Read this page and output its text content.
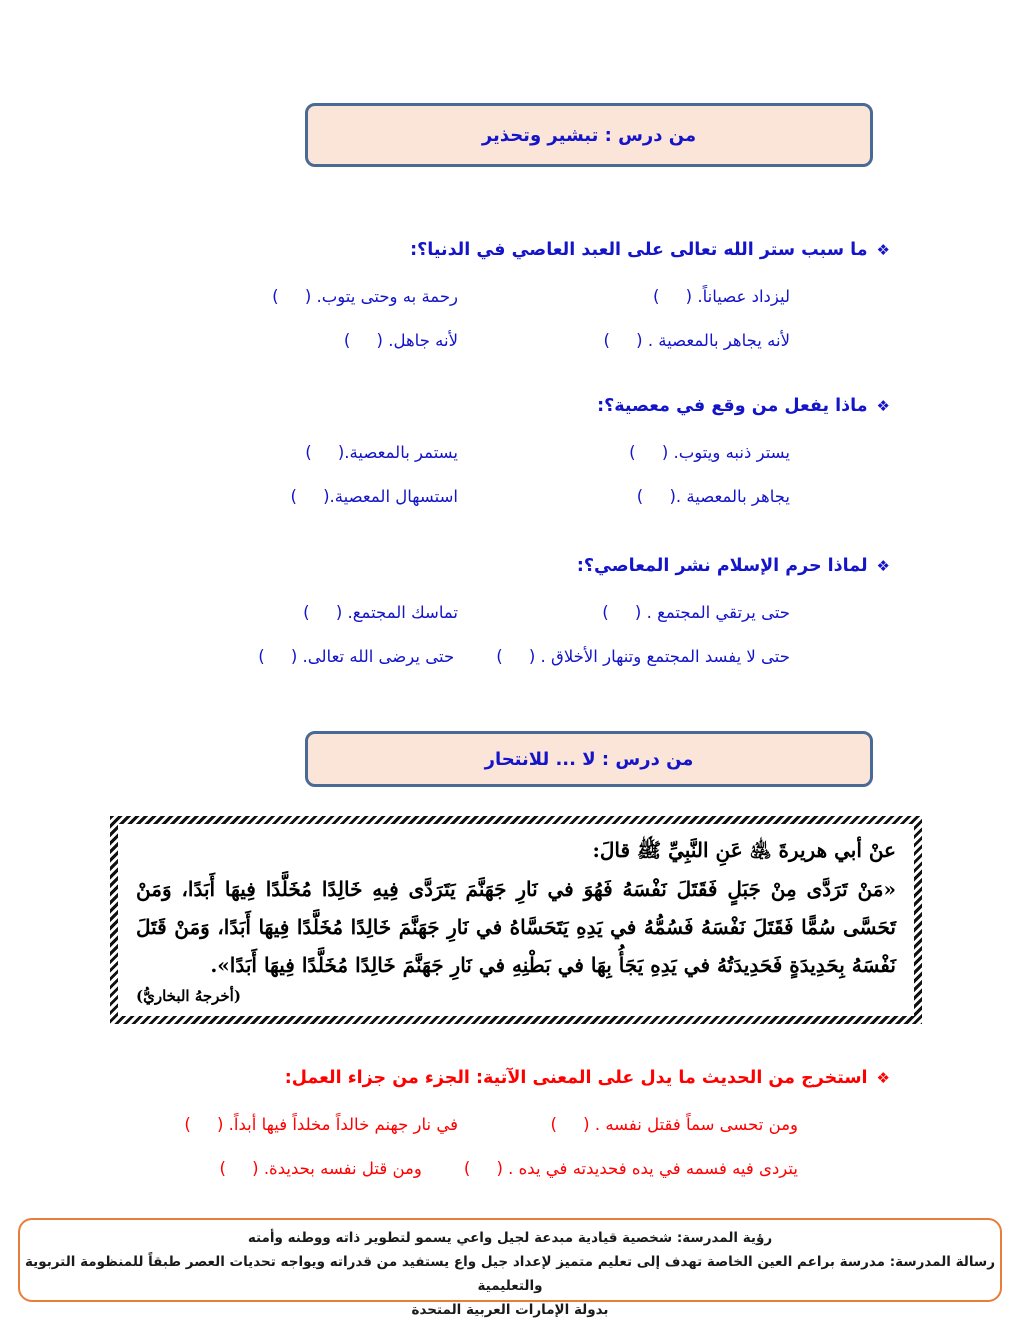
من درس : تبشير وتحذير
❖
ما سبب ستر الله تعالى على العبد العاصي في الدنيا؟:
ليزداد عصياناً. (     )
رحمة به وحتى يتوب. (     )
لأنه يجاهر بالمعصية . (     )
لأنه جاهل. (     )
❖
ماذا يفعل من وقع في معصية؟:
يستر ذنبه ويتوب. (     )
يستمر بالمعصية.(     )
يجاهر بالمعصية .(     )
استسهال المعصية.(     )
❖
لماذا حرم الإسلام نشر المعاصي؟:
حتى يرتقي المجتمع . (     )
تماسك المجتمع. (     )
حتى لا يفسد المجتمع وتنهار الأخلاق . (     )
حتى يرضى الله تعالى. (     )
من درس : لا ... للانتحار

عنْ أبي هريرةَ ﵁ عَنِ النَّبِيِّ ﷺ قالَ:

«مَنْ تَرَدَّى مِنْ جَبَلٍ فَقَتَلَ نَفْسَهُ فَهُوَ في نَارِ جَهَنَّمَ يَتَرَدَّى فِيهِ خَالِدًا مُخَلَّدًا فِيهَا أَبَدًا، وَمَنْ تَحَسَّى سُمًّا فَقَتَلَ نَفْسَهُ فَسُمُّهُ في يَدِهِ يَتَحَسَّاهُ في نَارِ جَهَنَّمَ خَالِدًا مُخَلَّدًا فِيهَا أَبَدًا، وَمَنْ قَتَلَ نَفْسَهُ بِحَدِيدَةٍ فَحَدِيدَتُهُ في يَدِهِ يَجَأُ بِهَا في بَطْنِهِ في نَارِ جَهَنَّمَ خَالِدًا مُخَلَّدًا فِيهَا أَبَدًا».

(أخرجهُ البخاريُّ)

❖
استخرج من الحديث ما يدل على المعنى الآتية: الجزء من جزاء العمل:
ومن تحسى سماً فقتل نفسه . (     )
في نار جهنم خالداً مخلداً فيها أبداً. (     )
يتردى فيه فسمه في يده فحديدته في يده . (     )
ومن قتل نفسه بحديدة. (     )

رؤية المدرسة: شخصية قيادية مبدعة لجيل واعي يسمو لتطوير ذاته ووطنه وأمته

رسالة المدرسة: مدرسة براعم العين الخاصة تهدف إلى تعليم متميز لإعداد جيل واع يستفيد من قدراته ويواجه تحديات العصر طبقاً للمنظومة التربوية والتعليمية

بدولة الإمارات العربية المتحدة
